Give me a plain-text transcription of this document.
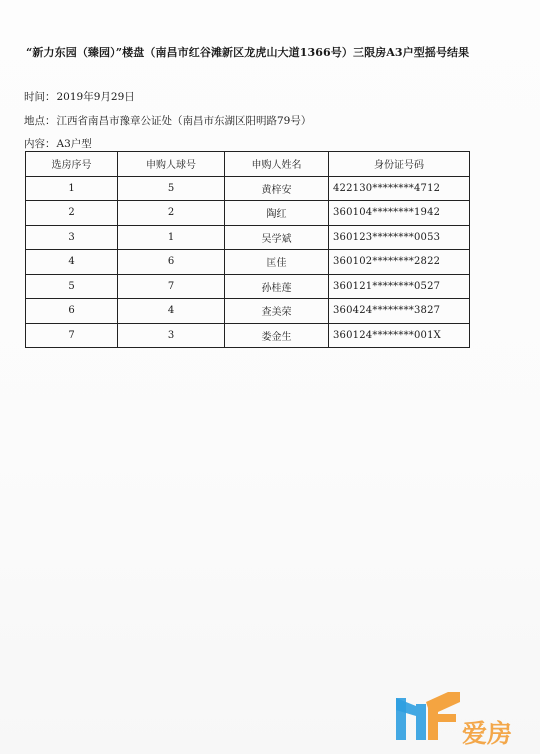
“新力东园（臻园）”楼盘（南昌市红谷滩新区龙虎山大道1366号）三限房A3户型摇号结果
时间：2019年9月29日
地点：江西省南昌市豫章公证处（南昌市东湖区阳明路79号）
内容：A3户型
选房序号	申购人球号	申购人姓名	身份证号码
1	5	黄梓安	422130********4712
2	2	陶红	360104********1942
3	1	吴学斌	360123********0053
4	6	匡佳	360102********2822
5	7	孙桂莲	360121********0527
6	4	查美荣	360424********3827
7	3	娄金生	360124********001X
爱房
